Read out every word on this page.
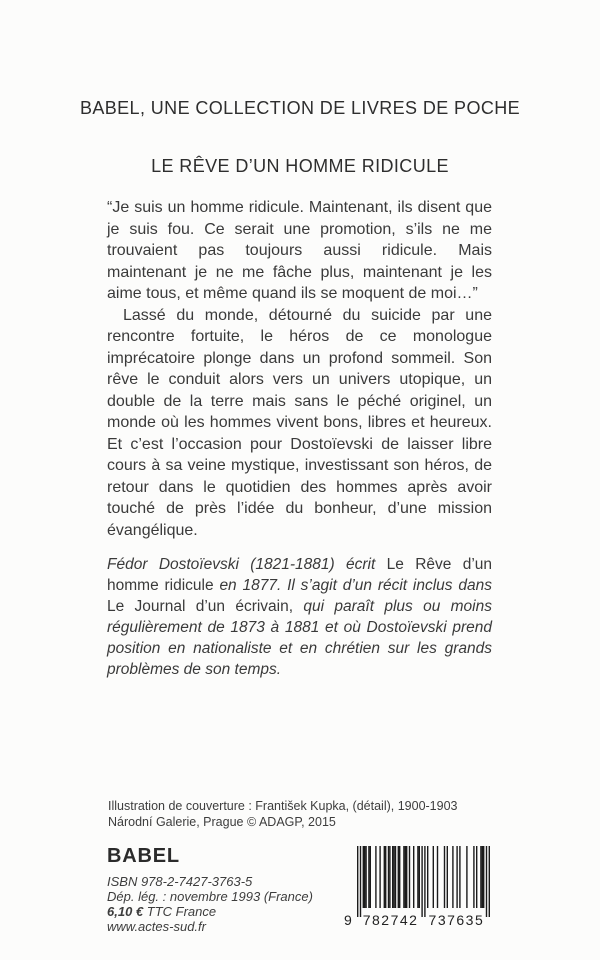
BABEL, UNE COLLECTION DE LIVRES DE POCHE
LE RÊVE D’UN HOMME RIDICULE

“Je suis un homme ridicule. Maintenant, ils disent que je suis fou. Ce serait une promotion, s’ils ne me trouvaient pas toujours aussi ridicule. Mais maintenant je ne me fâche plus, maintenant je les aime tous, et même quand ils se moquent de moi…”

Lassé du monde, détourné du suicide par une rencontre fortuite, le héros de ce monologue imprécatoire plonge dans un profond sommeil. Son rêve le conduit alors vers un univers utopique, un double de la terre mais sans le péché originel, un monde où les hommes vivent bons, libres et heureux. Et c’est l’occasion pour Dostoïevski de laisser libre cours à sa veine mystique, investissant son héros, de retour dans le quotidien des hommes après avoir touché de près l’idée du bonheur, d’une mission évangélique.

Fédor Dostoïevski (1821-1881) écrit Le Rêve d’un homme ridicule en 1877. Il s’agit d’un récit inclus dans Le Journal d’un écrivain, qui paraît plus ou moins régulièrement de 1873 à 1881 et où Dostoïevski prend position en nationaliste et en chrétien sur les grands problèmes de son temps.

Illustration de couverture : František Kupka, (détail), 1900-1903
Národní Galerie, Prague © ADAGP, 2015
BABEL
ISBN 978-2-7427-3763-5
Dép. lég. : novembre 1993 (France)
6,10 € TTC France
www.actes-sud.fr	9 782742 737635
